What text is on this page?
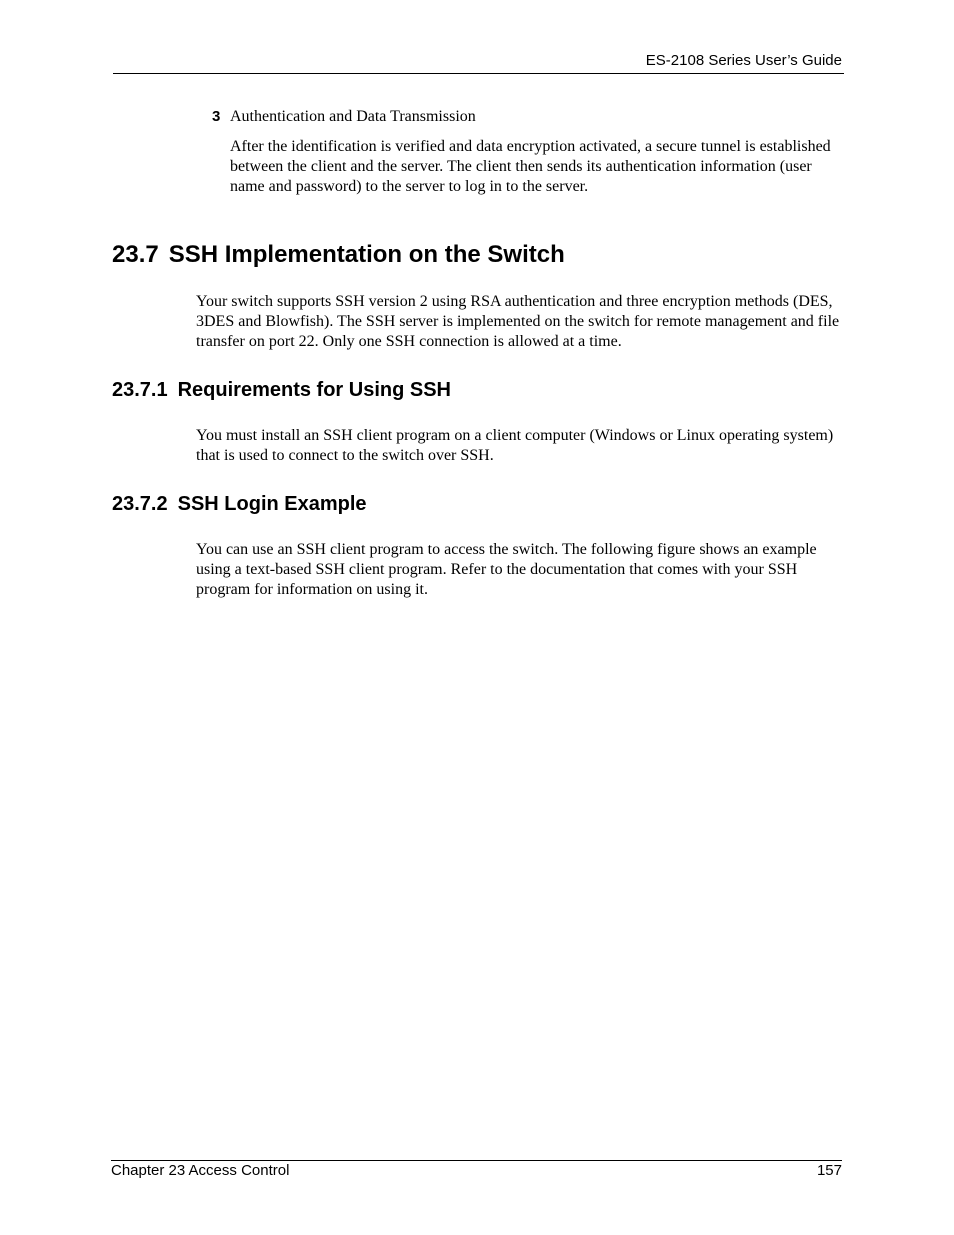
ES-2108 Series User’s Guide
3 Authentication and Data Transmission

After the identification is verified and data encryption activated, a secure tunnel is established between the client and the server. The client then sends its authentication information (user name and password) to the server to log in to the server.

23.7 SSH Implementation on the Switch

Your switch supports SSH version 2 using RSA authentication and three encryption methods (DES, 3DES and Blowfish). The SSH server is implemented on the switch for remote management and file transfer on port 22. Only one SSH connection is allowed at a time.

23.7.1 Requirements for Using SSH

You must install an SSH client program on a client computer (Windows or Linux operating system) that is used to connect to the switch over SSH.

23.7.2 SSH Login Example

You can use an SSH client program to access the switch. The following figure shows an example using a text-based SSH client program. Refer to the documentation that comes with your SSH program for information on using it.

Chapter 23 Access Control	157
